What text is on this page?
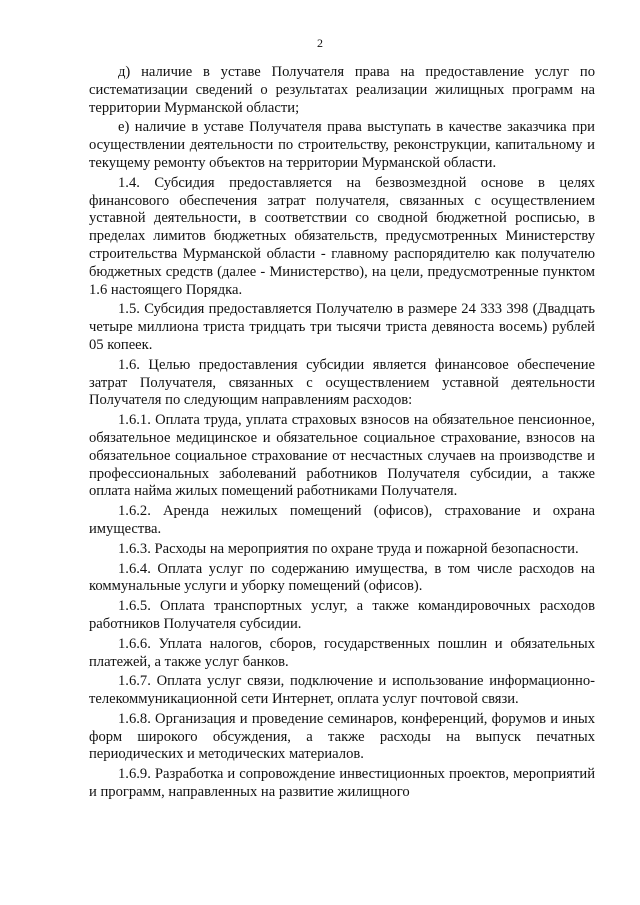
2

д) наличие в уставе Получателя права на предоставление услуг по систематизации сведений о результатах реализации жилищных программ на территории Мурманской области;

е) наличие в уставе Получателя права выступать в качестве заказчика при осуществлении деятельности по строительству, реконструкции, капитальному и текущему ремонту объектов на территории Мурманской области.

1.4. Субсидия предоставляется на безвозмездной основе в целях финансового обеспечения затрат получателя, связанных с осуществлением уставной деятельности, в соответствии со сводной бюджетной росписью, в пределах лимитов бюджетных обязательств, предусмотренных Министерству строительства Мурманской области - главному распорядителю как получателю бюджетных средств (далее - Министерство), на цели, предусмотренные пунктом 1.6 настоящего Порядка.

1.5. Субсидия предоставляется Получателю в размере 24 333 398 (Двадцать четыре миллиона триста тридцать три тысячи триста девяноста восемь) рублей 05 копеек.

1.6. Целью предоставления субсидии является финансовое обеспечение затрат Получателя, связанных с осуществлением уставной деятельности Получателя по следующим направлениям расходов:

1.6.1. Оплата труда, уплата страховых взносов на обязательное пенсионное, обязательное медицинское и обязательное социальное страхование, взносов на обязательное социальное страхование от несчастных случаев на производстве и профессиональных заболеваний работников Получателя субсидии, а также оплата найма жилых помещений работниками Получателя.

1.6.2. Аренда нежилых помещений (офисов), страхование и охрана имущества.

1.6.3. Расходы на мероприятия по охране труда и пожарной безопасности.

1.6.4. Оплата услуг по содержанию имущества, в том числе расходов на коммунальные услуги и уборку помещений (офисов).

1.6.5. Оплата транспортных услуг, а также командировочных расходов работников Получателя субсидии.

1.6.6. Уплата налогов, сборов, государственных пошлин и обязательных платежей, а также услуг банков.

1.6.7. Оплата услуг связи, подключение и использование информационно-телекоммуникационной сети Интернет, оплата услуг почтовой связи.

1.6.8. Организация и проведение семинаров, конференций, форумов и иных форм широкого обсуждения, а также расходы на выпуск печатных периодических и методических материалов.

1.6.9. Разработка и сопровождение инвестиционных проектов, мероприятий и программ, направленных на развитие жилищного
